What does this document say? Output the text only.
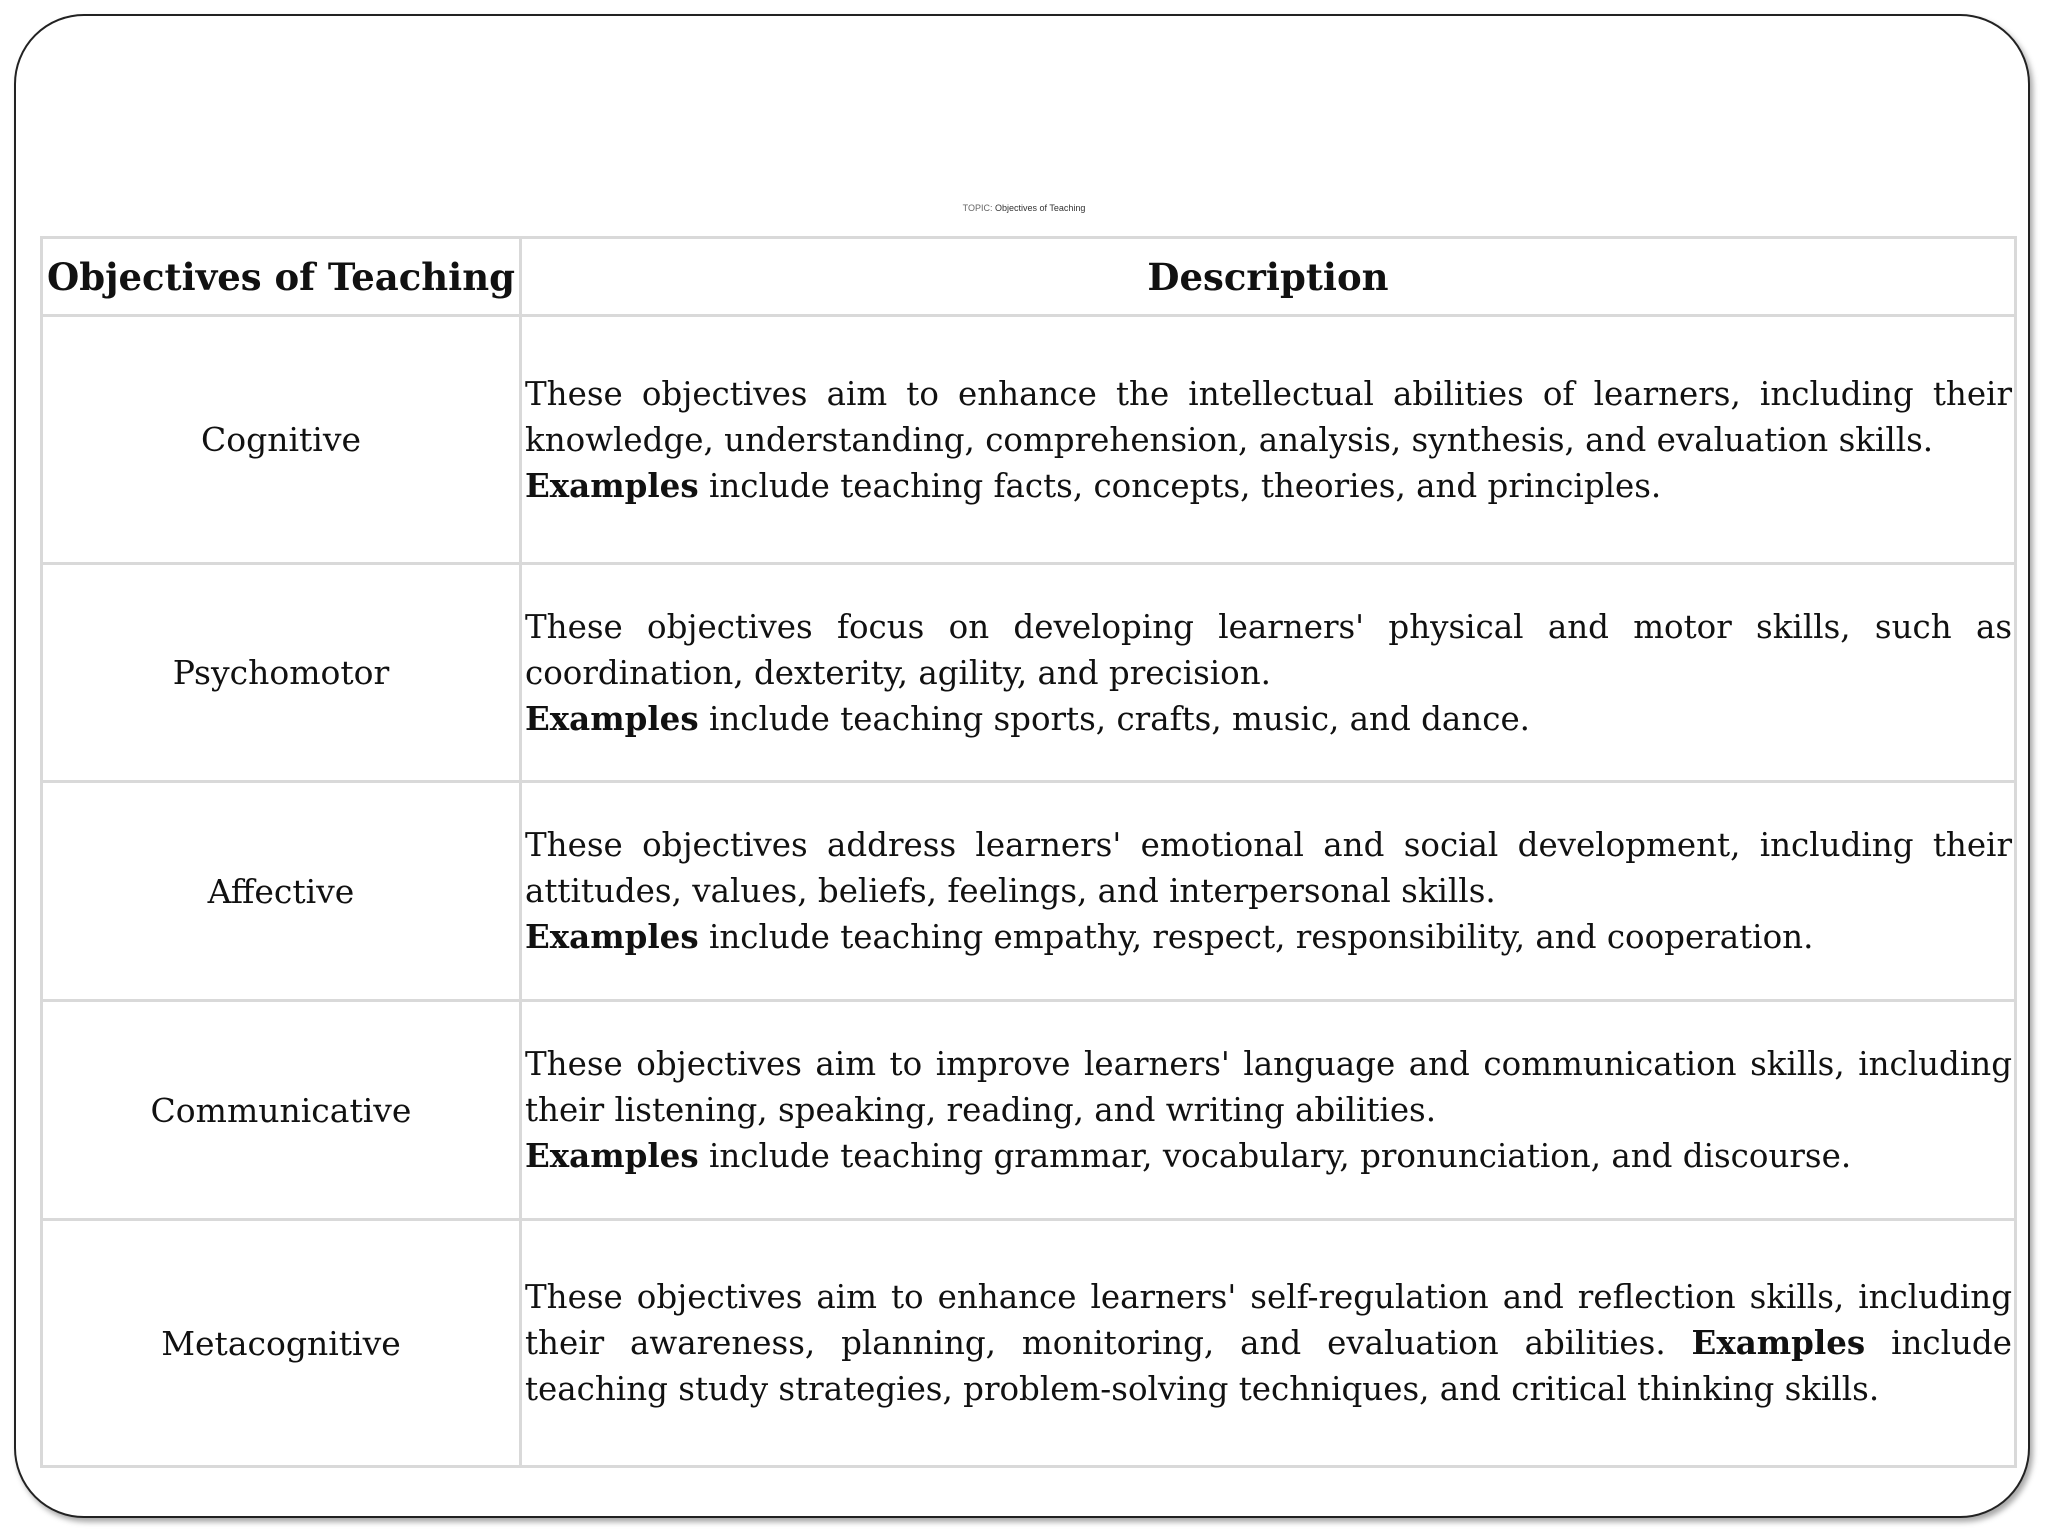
TOPIC: Objectives of Teaching
Objectives of Teaching	Description
Cognitive	These objectives aim to enhance the intellectual abilities of learners, including their knowledge, understanding, comprehension, analysis, synthesis, and evaluation skills.
Examples include teaching facts, concepts, theories, and principles.

Psychomotor	These objectives focus on developing learners' physical and motor skills, such as coordination, dexterity, agility, and precision.
Examples include teaching sports, crafts, music, and dance.

Affective	These objectives address learners' emotional and social development, including their attitudes, values, beliefs, feelings, and interpersonal skills.
Examples include teaching empathy, respect, responsibility, and cooperation.

Communicative	These objectives aim to improve learners' language and communication skills, including their listening, speaking, reading, and writing abilities.
Examples include teaching grammar, vocabulary, pronunciation, and discourse.

Metacognitive	These objectives aim to enhance learners' self-regulation and reflection skills, including their awareness, planning, monitoring, and evaluation abilities. Examples include teaching study strategies, problem-solving techniques, and critical thinking skills.
